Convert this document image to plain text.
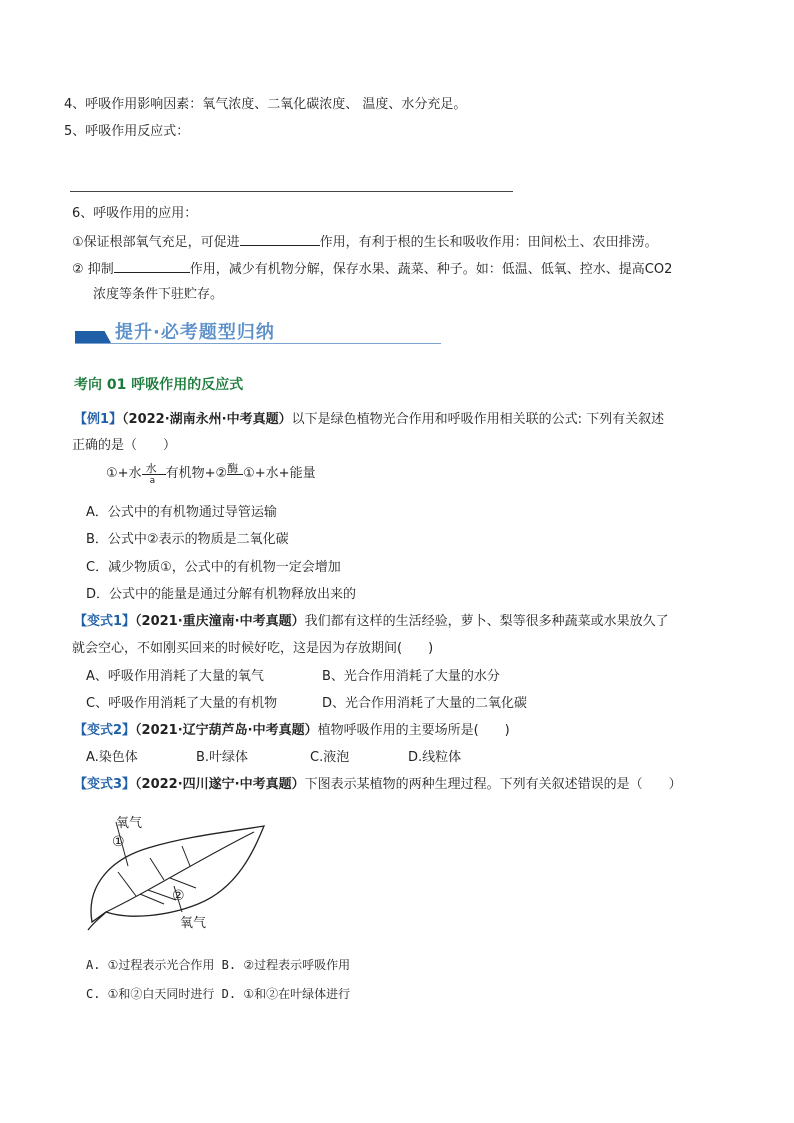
4、呼吸作用影响因素：氧气浓度、二氧化碳浓度、 温度、水分充足。
5、呼吸作用反应式：
6、呼吸作用的应用：
①保证根部氧气充足，可促进	作用，有利于根的生长和吸收作用：田间松土、农田排涝。
② 抑制	作用，减少有机物分解，保存水果、蔬菜、种子。如：低温、低氧、控水、提高CO2
浓度等条件下驻贮存。
提升·必考题型归纳
考向 01 呼吸作用的反应式
【例1】（2022·湖南永州·中考真题）以下是绿色植物光合作用和呼吸作用相关联的公式: 下列有关叙述
正确的是（　　）
①+水 $\frac{\text{水}}{a}$ 有机物+② 酶 ①+水+能量
A．公式中的有机物通过导管运输
B．公式中②表示的物质是二氧化碳
C．减少物质①，公式中的有机物一定会增加
D．公式中的能量是通过分解有机物释放出来的
【变式1】（2021·重庆潼南·中考真题）我们都有这样的生活经验，萝卜、梨等很多种蔬菜或水果放久了
就会空心，不如刚买回来的时候好吃，这是因为存放期间(　　)
A、呼吸作用消耗了大量的氧气	B、光合作用消耗了大量的水分
C、呼吸作用消耗了大量的有机物	D、光合作用消耗了大量的二氧化碳
【变式2】（2021·辽宁葫芦岛·中考真题）植物呼吸作用的主要场所是(　　)
A.染色体	B.叶绿体	C.液泡	D.线粒体
【变式3】（2022·四川遂宁·中考真题）下图表示某植物的两种生理过程。下列有关叙述错误的是（　　）
氧气
①
②
氧气
A. ①过程表示光合作用 B. ②过程表示呼吸作用
C. ①和②白天同时进行 D. ①和②在叶绿体进行
